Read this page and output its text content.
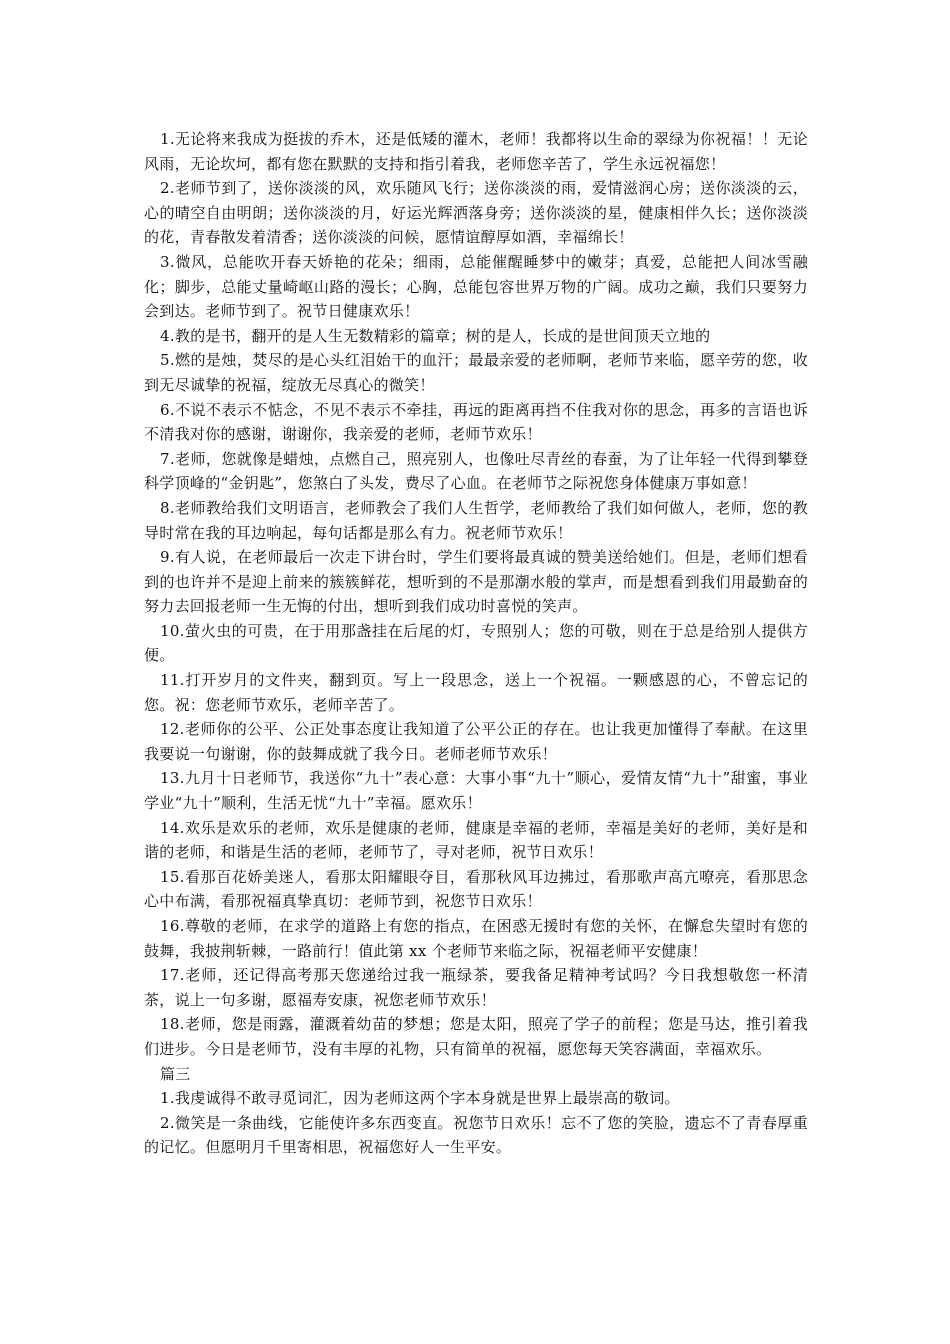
1.无论将来我成为挺拔的乔木，还是低矮的灌木，老师！我都将以生命的翠绿为你祝福！！无论风雨，无论坎坷，都有您在默默的支持和指引着我，老师您辛苦了，学生永远祝福您！

2.老师节到了，送你淡淡的风，欢乐随风飞行；送你淡淡的雨，爱情滋润心房；送你淡淡的云，心的晴空自由明朗；送你淡淡的月，好运光辉洒落身旁；送你淡淡的星，健康相伴久长；送你淡淡的花，青春散发着清香；送你淡淡的问候，愿情谊醇厚如酒，幸福绵长！

3.微风，总能吹开春天娇艳的花朵；细雨，总能催醒睡梦中的嫩芽；真爱，总能把人间冰雪融化；脚步，总能丈量崎岖山路的漫长；心胸，总能包容世界万物的广阔。成功之巅，我们只要努力会到达。老师节到了。祝节日健康欢乐！

4.教的是书，翻开的是人生无数精彩的篇章；树的是人，长成的是世间顶天立地的

5.燃的是烛，焚尽的是心头红泪始干的血汗；最最亲爱的老师啊，老师节来临，愿辛劳的您，收到无尽诚挚的祝福，绽放无尽真心的微笑！

6.不说不表示不惦念，不见不表示不牵挂，再远的距离再挡不住我对你的思念，再多的言语也诉不清我对你的感谢，谢谢你，我亲爱的老师，老师节欢乐！

7.老师，您就像是蜡烛，点燃自己，照亮别人，也像吐尽青丝的春蚕，为了让年轻一代得到攀登科学顶峰的“金钥匙”，您煞白了头发，费尽了心血。在老师节之际祝您身体健康万事如意！

8.老师教给我们文明语言，老师教会了我们人生哲学，老师教给了我们如何做人，老师，您的教导时常在我的耳边响起，每句话都是那么有力。祝老师节欢乐！

9.有人说，在老师最后一次走下讲台时，学生们要将最真诚的赞美送给她们。但是，老师们想看到的也许并不是迎上前来的簇簇鲜花，想听到的不是那潮水般的掌声，而是想看到我们用最勤奋的努力去回报老师一生无悔的付出，想听到我们成功时喜悦的笑声。

10.萤火虫的可贵，在于用那盏挂在后尾的灯，专照别人；您的可敬，则在于总是给别人提供方便。

11.打开岁月的文件夹，翻到页。写上一段思念，送上一个祝福。一颗感恩的心，不曾忘记的您。祝：您老师节欢乐，老师辛苦了。

12.老师你的公平、公正处事态度让我知道了公平公正的存在。也让我更加懂得了奉献。在这里我要说一句谢谢，你的鼓舞成就了我今日。老师老师节欢乐！

13.九月十日老师节，我送你“九十”表心意：大事小事“九十”顺心，爱情友情“九十”甜蜜，事业学业“九十”顺利，生活无忧“九十”幸福。愿欢乐！

14.欢乐是欢乐的老师，欢乐是健康的老师，健康是幸福的老师，幸福是美好的老师，美好是和谐的老师，和谐是生活的老师，老师节了，寻对老师，祝节日欢乐！

15.看那百花娇美迷人，看那太阳耀眼夺目，看那秋风耳边拂过，看那歌声高亢嘹亮，看那思念心中布满，看那祝福真挚真切：老师节到，祝您节日欢乐！

16.尊敬的老师，在求学的道路上有您的指点，在困惑无援时有您的关怀，在懈怠失望时有您的鼓舞，我披荆斩棘，一路前行！值此第 xx 个老师节来临之际，祝福老师平安健康！

17.老师，还记得高考那天您递给过我一瓶绿茶，要我备足精神考试吗？今日我想敬您一杯清茶，说上一句多谢，愿福寿安康，祝您老师节欢乐！

18.老师，您是雨露，灌溉着幼苗的梦想；您是太阳，照亮了学子的前程；您是马达，推引着我们进步。今日是老师节，没有丰厚的礼物，只有简单的祝福，愿您每天笑容满面，幸福欢乐。

篇三

1.我虔诚得不敢寻觅词汇，因为老师这两个字本身就是世界上最崇高的敬词。

2.微笑是一条曲线，它能使许多东西变直。祝您节日欢乐！忘不了您的笑脸，遗忘不了青春厚重的记忆。但愿明月千里寄相思，祝福您好人一生平安。
